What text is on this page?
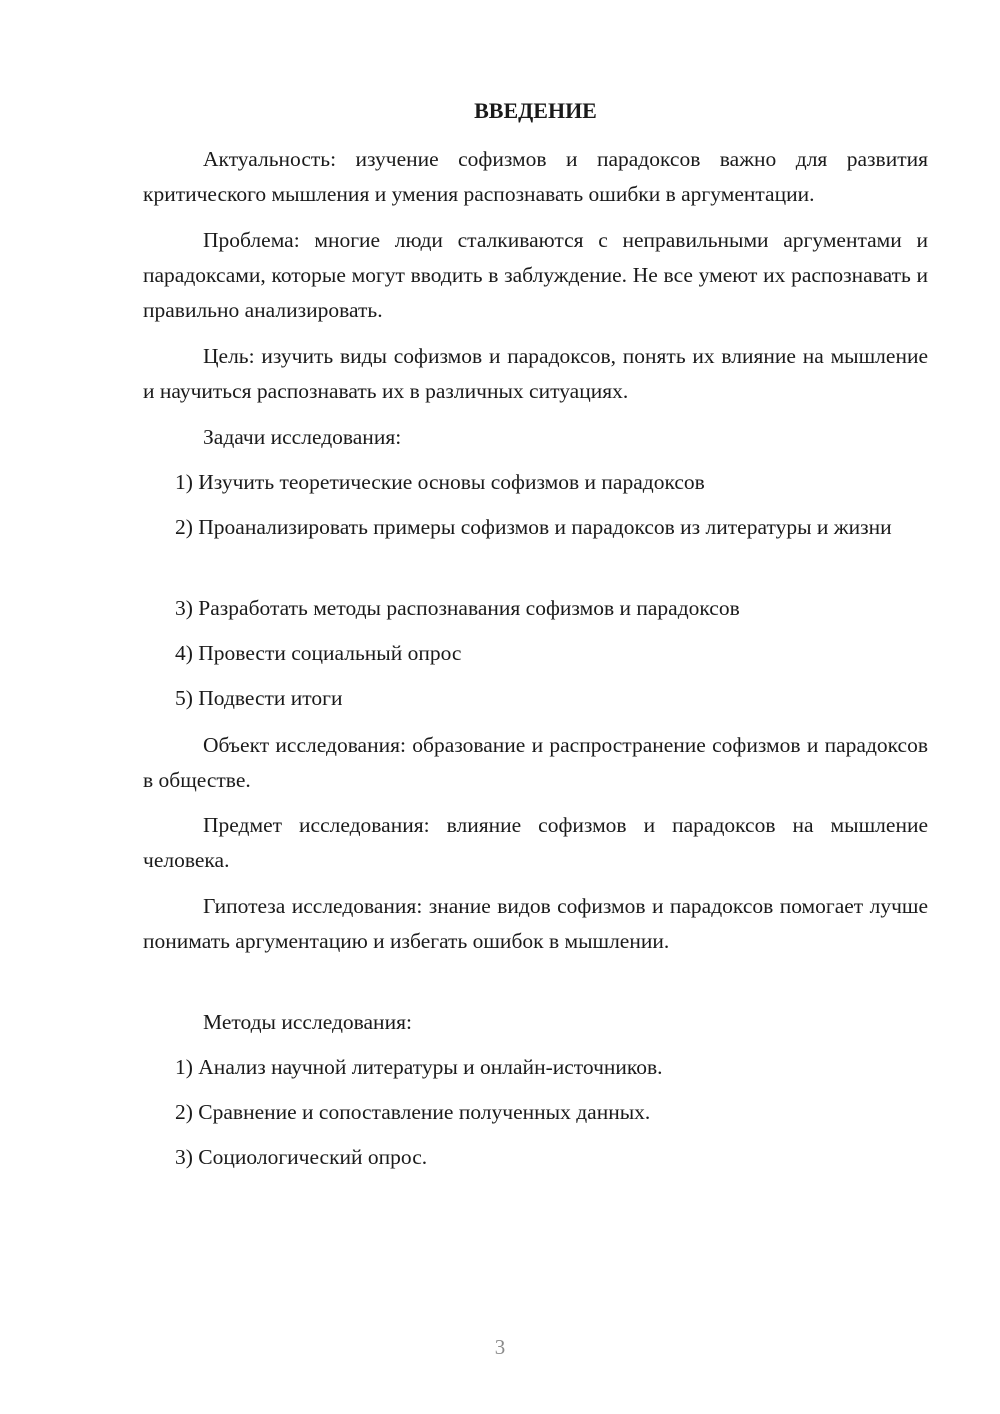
ВВЕДЕНИЕ

Актуальность: изучение софизмов и парадоксов важно для развития критического мышления и умения распознавать ошибки в аргументации.

Проблема: многие люди сталкиваются с неправильными аргументами и парадоксами, которые могут вводить в заблуждение. Не все умеют их распознавать и правильно анализировать.

Цель: изучить виды софизмов и парадоксов, понять их влияние на мышление и научиться распознавать их в различных ситуациях.

Задачи исследования:

1) Изучить теоретические основы софизмов и парадоксов

2) Проанализировать примеры софизмов и парадоксов из литературы и жизни

3) Разработать методы распознавания софизмов и парадоксов

4) Провести социальный опрос

5) Подвести итоги

Объект исследования: образование и распространение софизмов и парадоксов в обществе.

Предмет исследования: влияние софизмов и парадоксов на мышление человека.

Гипотеза исследования: знание видов софизмов и парадоксов помогает лучше понимать аргументацию и избегать ошибок в мышлении.

Методы исследования:

1) Анализ научной литературы и онлайн-источников.

2) Сравнение и сопоставление полученных данных.

3) Социологический опрос.

3
